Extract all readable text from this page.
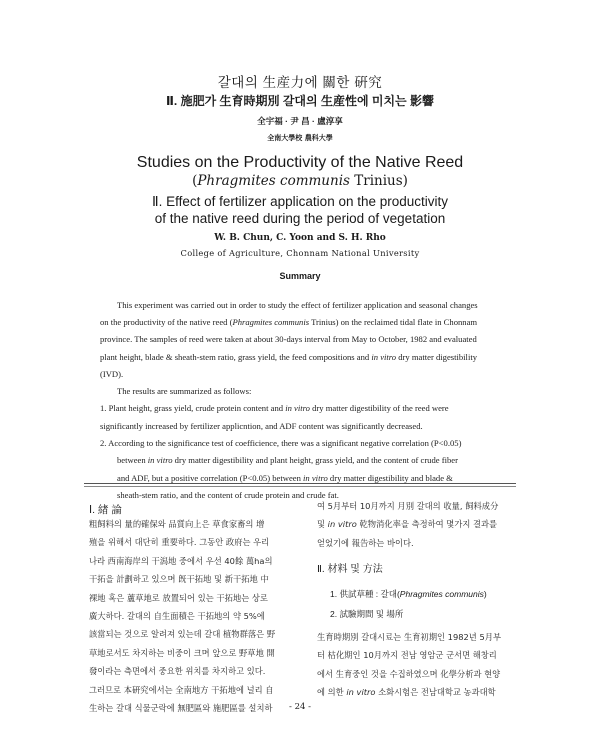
갈대의 生産力에 關한 硏究
Ⅱ. 施肥가 生育時期別 갈대의 生産性에 미치는 影響
全宇福 · 尹 昌 · 盧淳享
全南大學校 農科大學
Studies on the Productivity of the Native Reed
(Phragmites communis Trinius)
Ⅱ. Effect of fertilizer application on the productivity
of the native reed during the period of vegetation
W. B. Chun, C. Yoon and S. H. Rho
College of Agriculture, Chonnam National University
Summary
This experiment was carried out in order to study the effect of fertilizer application and seasonal changes
on the productivity of the native reed (Phragmites communis Trinius) on the reclaimed tidal flate in Chonnam
province. The samples of reed were taken at about 30-days interval from May to October, 1982 and evaluated
plant height, blade & sheath-stem ratio, grass yield, the feed compositions and in vitro dry matter digestibility
(IVD).
The results are summarized as follows:
1. Plant height, grass yield, crude protein content and in vitro dry matter digestibility of the reed were
significantly increased by fertilizer applicntion, and ADF content was significantly decreased.
2. According to the significance test of coefficience, there was a significant negative correlation (P<0.05)
between in vitro dry matter digestibility and plant height, grass yield, and the content of crude fiber
and ADF, but a positive correlation (P<0.05) between in vitro dry matter digestibility and blade &
sheath-stem ratio, and the content of crude protein and crude fat.
Ⅰ. 緖 論
粗飼料의 量的確保와 品質向上은 草食家畜의 增
殖을 위해서 대단히 重要하다. 그동안 政府는 우리
나라 西南海岸의 干潟地 중에서 우선 40餘 萬ha의
干拓을 計劃하고 있으며 旣干拓地 및 新干拓地 中
裸地 혹은 蘆草地로 放置되어 있는 干拓地는 상로
廣大하다. 갈대의 自生面積은 干拓地의 약 5%에
該當되는 것으로 알려져 있는데 갈대 植物群落은 野
草地로서도 차지하는 비중이 크며 앞으로 野草地 開
發이라는 측면에서 중요한 위치를 차지하고 있다.
그러므로 本硏究에서는 全南地方 干拓地에 널리 自
生하는 갈대 식물군락에 無肥區와 施肥區를 설치하
여 5月부터 10月까지 月別 갈대의 收量, 飼料成分
및 in vitro 乾物消化率을 측정하여 몇가지 결과를
얻었기에 報告하는 바이다.
Ⅱ. 材料 및 方法
1. 供試草種 : 갈대(Phragmites communis)
2. 試驗期間 및 場所
生育時期別 갈대시료는 生育初期인 1982년 5月부
터 枯化期인 10月까지 전남 영암군 군서면 해창리
에서 生育중인 것을 수집하였으며 化學分析과 현양
에 의한 in vitro 소화시험은 전남대학교 농과대학
- 24 -
